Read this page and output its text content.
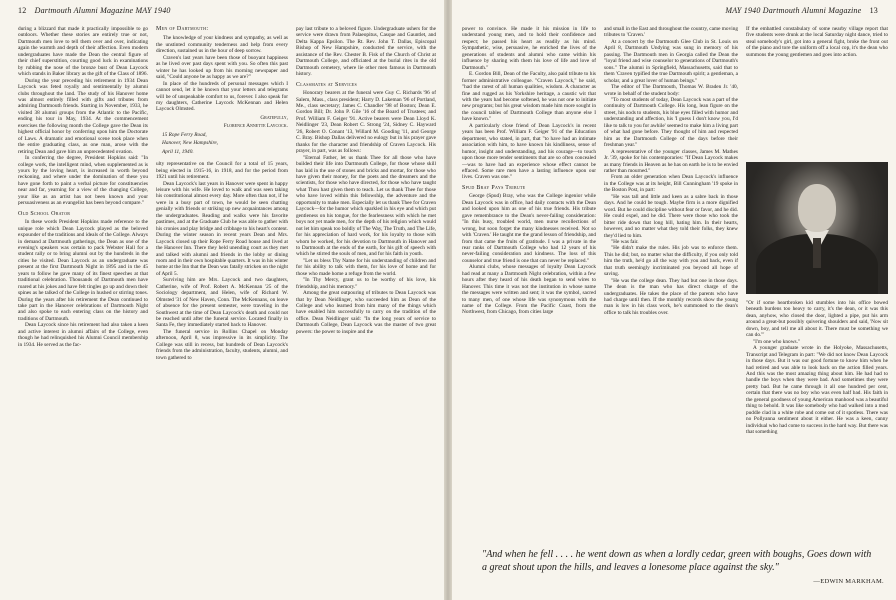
12 Dartmouth Alumni Magazine MAY 1940

during a blizzard that made it practically impossible to go outdoors. Whether these stories are entirely true or not, Dartmouth men love to tell them over and over, indicating again the warmth and depth of their affection. Even modern undergraduates have made the Dean the central figure of their chief superstition, courting good luck in examinations by rubbing the nose of the bronze bust of Dean Laycock which stands in Baker library as the gift of the Class of 1896.

During the year preceding his retirement in 1934 Dean Laycock was feted royally and sentimentally by alumni clubs throughout the land. The study of his Hanover home was almost entirely filled with gifts and tributes from admiring Dartmouth friends. Starting in November, 1933, he visited 38 alumni groups from the Atlantic to the Pacific, ending his tour in May, 1934. At the commencement exercises the following month the College gave the Dean its highest official honor by conferring upon him the Doctorate of Laws. A dramatic and emotional scene took place when the entire graduating class, as one man, arose with the retiring Dean and gave him an unprecedented ovation.

In conferring the degree, President Hopkins said: "In college work, the intelligent mind, when supplemented as is yours by the loving heart, is increased in worth beyond reckoning, and where under the domination of these you have gone forth to paint a verbal picture for constituencies near and far, yearning for a view of the changing College, your like as an artist has not been known and your persuasiveness as an evangelist has been beyond compare."

Old School Orator

In these words President Hopkins made reference to the unique role which Dean Laycock played as the beloved expounder of the traditions and ideals of the College. Always in demand at Dartmouth gatherings, the Dean as one of the evening's speakers was certain to pack Webster Hall for a student rally or to bring alumni out by the hundreds in the cities he visited. Dean Laycock as an undergraduate was present at the first Dartmouth Night in 1895 and in the 45 years to follow he gave many of its finest speeches at that traditional celebration. Thousands of Dartmouth men have roared at his jokes and have felt tingles go up and down their spines as he talked of the College in hushed or stirring tones. During the years after his retirement the Dean continued to take part in the Hanover celebrations of Dartmouth Night and also spoke to each entering class on the history and traditions of Dartmouth.

Dean Laycock since his retirement had also taken a keen and active interest in alumni affairs of the College, even though he had relinquished his Alumni Council membership in 1934. He served as the fac-

Men of Dartmouth:

The knowledge of your kindness and sympathy, as well as the unstinted community tenderness and help from every direction, sustained us in the hour of deep sorrow.

Craven's last years have been those of buoyant happiness as he lived over past days spent with you. So often this past winter he has looked up from his morning newspaper and said, "Could anyone be as happy as we are?"

In place of the hundreds of personal messages which I cannot send, let it be known that your letters and telegrams will be of unspeakable comfort to us, forever. I also speak for my daughters, Catherine Laycock McKennan and Helen Laycock Olmsted.

Gratefully,
Florence Annette Laycock.
15 Rope Ferry Road,
Hanover, New Hampshire,
April 11, 1940.

ulty representative on the Council for a total of 15 years, being elected in 1915-16, in 1918, and for the period from 1921 until his retirement.

Dean Laycock's last years in Hanover were spent in happy leisure with his wife. He loved to walk and was seen taking his constitutional almost every day. More often than not, if he were in a busy part of town, he would be seen chatting genially with friends or striking up new acquaintances among the undergraduates. Reading and walks were his favorite pastimes, and at the Graduate Club he was able to gather with his cronies and play bridge and cribbage to his heart's content. During the winter season in recent years Dean and Mrs. Laycock closed up their Rope Ferry Road house and lived at the Hanover Inn. There they held unending court as they met and talked with alumni and friends in the lobby or dining room and in their own hospitable quarters. It was in his winter home at the Inn that the Dean was fatally stricken on the night of April 5.

Surviving him are Mrs. Laycock and two daughters, Catherine, wife of Prof. Robert A. McKennan '25 of the Sociology department, and Helen, wife of Richard W. Olmsted '31 of New Haven, Conn. The McKennans, on leave of absence for the present semester, were traveling in the Southwest at the time of Dean Laycock's death and could not be reached until after the funeral service. Located finally in Santa Fe, they immediately started back to Hanover.

The funeral service in Rollins Chapel on Monday afternoon, April 8, was impressive in its simplicity. The College was still in recess, but hundreds of Dean Laycock's friends from the administration, faculty, students, alumni, and town gathered to

pay last tribute to a beloved figure. Undergraduate ushers for the service were drawn from Palaeopitus, Casque and Gauntlet, and Delta Kappa Epsilon. The Rt. Rev. John T. Dallas, Episcopal Bishop of New Hampshire, conducted the service, with the assistance of the Rev. Chester B. Fisk of the Church of Christ at Dartmouth College, and officiated at the burial rites in the old Dartmouth cemetery, where lie other men famous in Dartmouth history.

Classmates at Services

Honorary bearers at the funeral were Guy C. Richards '96 of Salem, Mass., class president; Harry D. Lakeman '96 of Portland, Me., class secretary; James C. Chandler '98 of Boston; Dean E. Gordon Bill; Dr. John P. Gile '16 of the Board of Trustees; and Prof. William F. Geiger '91. Active bearers were Dean Lloyd K. Neidlinger '23, Dean Robert C. Strong '24, Sidney C. Hayward '26, Robert O. Conant '13, Willard M. Gooding '11, and George C. Bray. Bishop Dallas delivered no eulogy but in his prayer gave thanks for the character and friendship of Craven Laycock. His prayer, in part, was as follows:

"Eternal Father, let us thank Thee for all those who have builded their life into Dartmouth College, for those whose skill has laid in the use of stones and bricks and mortar, for those who have given their money, for the poets and the dreamers and the scientists, for those who have directed, for those who have taught what Thou hast given them to teach. Let us thank Thee for those who have loved within this fellowship, the adventure and the opportunity to make men. Especially let us thank Thee for Craven Laycock—for the humor which sparkled in his eye and which put gentleness on his tongue, for the fearlessness with which he met boys not yet made men, for the depth of his religion which would not let him speak too boldly of The Way, The Truth, and The Life, for his appreciation of hard work, for his loyalty to those with whom he worked, for his devotion to Dartmouth in Hanover and to Dartmouth at the ends of the earth, for his gift of speech with which he stirred the souls of men, and for his faith in youth.

"Let us bless Thy Name for his understanding of children and for his ability to talk with them, for his love of home and for those who made home a refuge from the world.

"In Thy Mercy, grant us to be worthy of his love, his friendship, and his memory."

Among the great outpouring of tributes to Dean Laycock was that by Dean Neidlinger, who succeeded him as Dean of the College and who learned from him many of the things which have enabled him successfully to carry on the tradition of the office. Dean Neidlinger said: "In the long years of service to Dartmouth College, Dean Laycock was the master of two great powers: the power to inspire and the

MAY 1940 Dartmouth Alumni Magazine 13

power to convince. He made it his mission in life to understand young men, and to hold their confidence and respect; he passed his heart as readily as his mind. Sympathetic, wise, persuasive, he enriched the lives of the generations of students and alumni who came within his influence by sharing with them his love of life and love of Dartmouth."

E. Gordon Bill, Dean of the Faculty, also paid tribute to his former administrative colleague. "Craven Laycock," he said, "had the rarest of all human qualities, wisdom. A character as fine and rugged as his Yorkshire heritage, a caustic wit that with the years had become softened, he was not one to initiate new programs; but his great wisdom made him more sought in the council tables of Dartmouth College than anyone else I have known."

A particularly close friend of Dean Laycock's in recent years has been Prof. William F. Geiger '91 of the Education department, who stated, in part, that "to have had an intimate association with him, to have known his kindliness, sense of humor, insight and understanding, and his courage—to touch upon those more tender sentiments that are so often concealed—was to have had an experience whose effect cannot be effaced. Some rare men have a lasting influence upon our lives. Craven was one."

Spud Bray Pays Tribute

George (Spud) Bray, who was the College ingenior while Dean Laycock was in office, had daily contacts with the Dean and looked upon him as one of his true friends. His tribute gave remembrance to the Dean's never-failing consideration: "In this busy, troubled world, men nurse recollections of wrong, but soon forget the many kindnesses received. Not so with 'Craven.' He taught me the grand lesson of friendship, and from that came the fruits of gratitude. I was a private in the rear ranks of Dartmouth College who had 12 years of his never-failing consideration and kindness. The loss of this counselor and true friend is one that can never be replaced."

Alumni clubs, whose messages of loyalty Dean Laycock had read at many a Dartmouth Night celebration, within a few hours after they heard of his death began to send wires to Hanover. This time it was not the institution in whose name the messages were written and sent; it was the symbol, sacred to many men, of one whose life was synonymous with the name of the College. From the Pacific Coast, from the Northwest, from Chicago, from cities large

and small in the East and throughout the country, came moving tributes to 'Craven.'

At a concert by the Dartmouth Glee Club in St. Louis on April 8, Dartmouth Undying was sung in memory of his passing. The Dartmouth men in Georgia called the Dean the "loyal friend and wise counselor to generations of Dartmouth's sons." The alumni in Springfield, Massachusetts, said that to them 'Craven typified the true Dartmouth spirit; a gentleman, a scholar, and a great lover of human beings."

The editor of The Dartmouth, Thomas W. Braden Jr. '40, wrote in behalf of the student body:

"To most students of today, Dean Laycock was a part of the continuity of Dartmouth College. His long, lean figure on the street, his nods to students, his blue eyes filled with humor and understanding and affection, his 'I guess I don't know you, I'd like to talk to you for awhile' seemed to make him a living part of what had gone before. They thought of him and respected him as the Dartmouth College of the days before their freshman year."

A representative of the younger classes, James M. Mathes Jr. '39, spoke for his contemporaries: "If Dean Laycock makes as many friends in Heaven as he has on earth he is to be envied rather than mourned."

From an older generation when Dean Laycock's influence in the College was at its height, Bill Cunningham '19 spoke in the Boston Post, in part:

"He was tall and little and keen as a sabre back in those days. And he could be tough. Maybe firm is a more dignified word. But he could discipline without fear or favor, and he did. He could expel, and he did. There were those who took the bitter ride down that long hill, hating him. In their hearts, however, and no matter what they told their folks, they knew they'd lied to him.

"He was fair.

"He didn't make the rules. His job was to enforce them. This he did; but, no matter what the difficulty, if you only told him the truth, he'd go all the way with you and back, even if that truth seemingly incriminated you beyond all hope of saving.

"He was the college dean. They had but one in those days. The dean is the man who has direct charge of the undergraduates. He takes the place of the parents who have had charge until then. If the monthly records show the young man is low in his class work, he's summoned to the dean's office to talk his troubles over.

If the embattled constabulary of some nearby village report that five students were drunk at the local Saturday night dance, tried to steal somebody's girl, got into a general fight, broke the front out of the piano and tore the uniform off a local cop, it's the dean who summons the young gentlemen and goes into action.

"Or if some heartbroken kid stumbles into his office bowed beneath burdens too heavy to carry, it's the dean, or it was this dean, anyhow, who closed the door, lighted a pipe, put his arm around a great-but possibly quivering shoulders and said, 'Now sit down, boy, and tell me all about it. There must be something we can do.'"

"I'm one who knows."

A younger graduate wrote in the Holyoke, Massachusetts, Transcript and Telegram in part: "We did not know Dean Laycock in those days. But it was our good fortune to know him when he had retired and was able to look back on the action filled years. And this was the most amazing thing about him. He had had to handle the boys when they were bad. And sometimes they were pretty bad. But he came through it all one hundred per cent, certain that there was no boy who was even half bad. His faith in the general goodness of young American manhood was a beautiful thing to behold. It was like somebody who had walked into a mud puddle clad in a white robe and come out of it spotless. There was no Pollyanna sentiment about it either. He was a keen, canny individual who had come to success in the hard way. But there was that something

"And when he fell . . . . he went down as when a lordly cedar, green with boughs, Goes down with a great shout upon the hills, and leaves a lonesome place against the sky."
—EDWIN MARKHAM.
